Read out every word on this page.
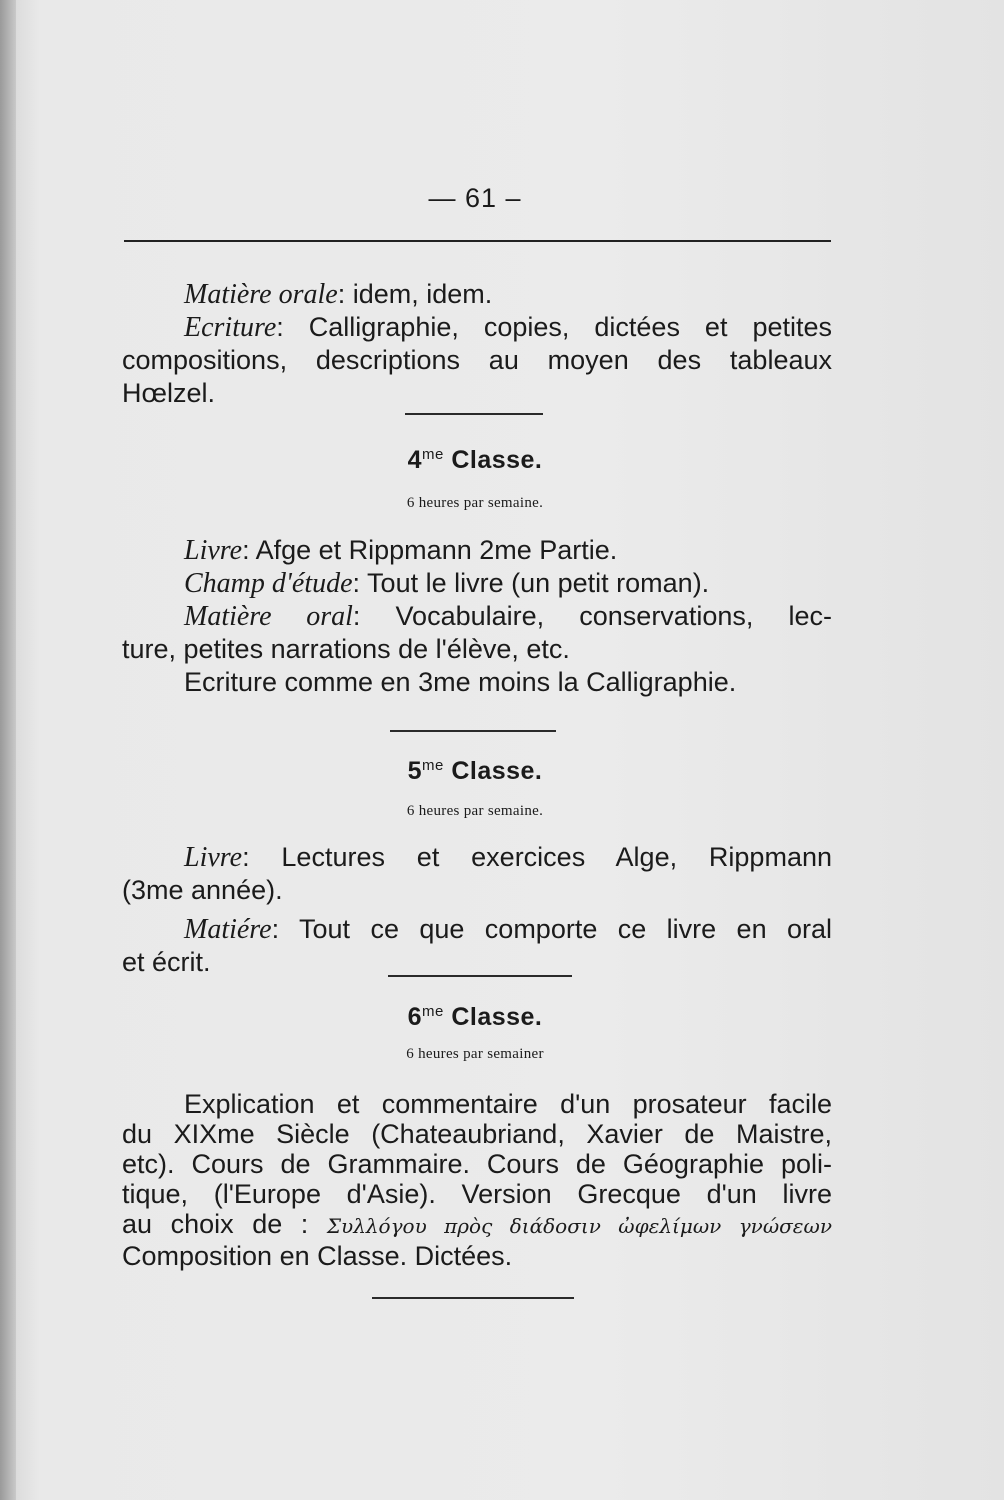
— 61 –
Matière orale: idem, idem.
Ecriture: Calligraphie, copies, dictées et petites
compositions, descriptions au moyen des tableaux
Hœlzel.
$4^{me}$ Classe.
6 heures par semaine.
Livre: Afge et Rippmann 2me Partie.
Champ d'étude: Tout le livre (un petit roman).
Matière oral: Vocabulaire, conservations, lec-
ture, petites narrations de l'élève, etc.
Ecriture comme en 3me moins la Calligraphie.
$5^{me}$ Classe.
6 heures par semaine.
Livre: Lectures et exercices Alge, Rippmann
(3me année).
Matiére: Tout ce que comporte ce livre en oral
et écrit.
$6^{me}$ Classe.
6 heures par semainer
Explication et commentaire d'un prosateur facile
du XIXme Siècle (Chateaubriand, Xavier de Maistre,
etc). Cours de Grammaire. Cours de Géographie poli-
tique, (l'Europe d'Asie). Version Grecque d'un livre
au choix de : Συλλόγου πρὸς διάδοσιν ὠφελίμων γνώσεων
Composition en Classe. Dictées.
